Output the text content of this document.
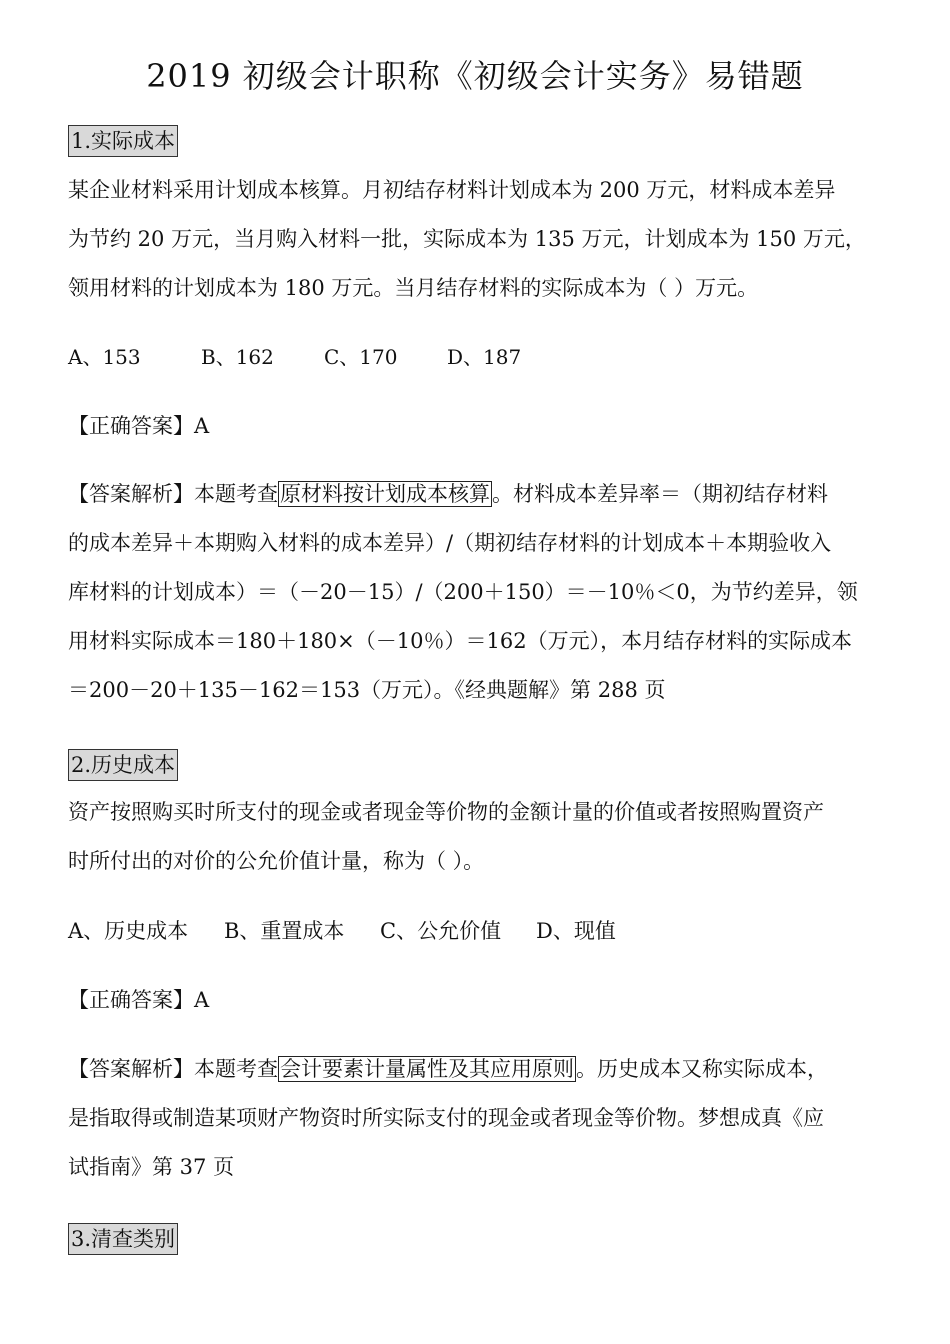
2019 初级会计职称《初级会计实务》易错题
1.实际成本
某企业材料采用计划成本核算。月初结存材料计划成本为 200 万元，材料成本差异
为节约 20 万元，当月购入材料一批，实际成本为 135 万元，计划成本为 150 万元，
领用材料的计划成本为 180 万元。当月结存材料的实际成本为（ ）万元。
A、153	B、162	C、170 D、187
【正确答案】A
【答案解析】本题考查原材料按计划成本核算。材料成本差异率＝（期初结存材料
的成本差异＋本期购入材料的成本差异）/（期初结存材料的计划成本＋本期验收入
库材料的计划成本）＝（－20－15）/（200＋150）＝－10％＜0，为节约差异，领
用材料实际成本＝180＋180×（－10％）＝162（万元），本月结存材料的实际成本
＝200－20＋135－162＝153（万元）。《经典题解》第 288 页
2.历史成本
资产按照购买时所支付的现金或者现金等价物的金额计量的价值或者按照购置资产
时所付出的对价的公允价值计量，称为（ ）。
A、历史成本 B、重置成本 C、公允价值 D、现值
【正确答案】A
【答案解析】本题考查会计要素计量属性及其应用原则。历史成本又称实际成本，
是指取得或制造某项财产物资时所实际支付的现金或者现金等价物。梦想成真《应
试指南》第 37 页
3.清查类别
